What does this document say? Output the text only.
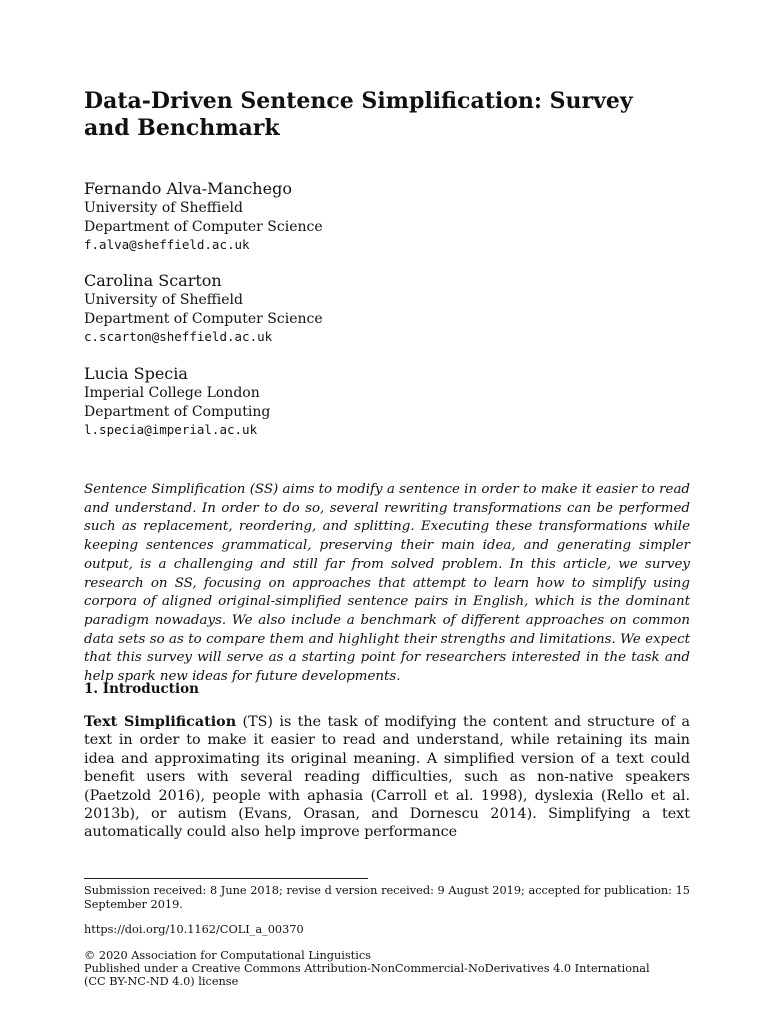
Data-Driven Sentence Simplification: Survey and Benchmark
Fernando Alva-Manchego
University of Sheffield
Department of Computer Science
f.alva@sheffield.ac.uk
Carolina Scarton
University of Sheffield
Department of Computer Science
c.scarton@sheffield.ac.uk
Lucia Specia
Imperial College London
Department of Computing
l.specia@imperial.ac.uk

Sentence Simplification (SS) aims to modify a sentence in order to make it easier to read and understand. In order to do so, several rewriting transformations can be performed such as replacement, reordering, and splitting. Executing these transformations while keeping sentences grammatical, preserving their main idea, and generating simpler output, is a challenging and still far from solved problem. In this article, we survey research on SS, focusing on approaches that attempt to learn how to simplify using corpora of aligned original-simplified sentence pairs in English, which is the dominant paradigm nowadays. We also include a benchmark of different approaches on common data sets so as to compare them and highlight their strengths and limitations. We expect that this survey will serve as a starting point for researchers interested in the task and help spark new ideas for future developments.

1. Introduction

Text Simplification (TS) is the task of modifying the content and structure of a text in order to make it easier to read and understand, while retaining its main idea and approximating its original meaning. A simplified version of a text could benefit users with several reading difficulties, such as non-native speakers (Paetzold 2016), people with aphasia (Carroll et al. 1998), dyslexia (Rello et al. 2013b), or autism (Evans, Orasan, and Dornescu 2014). Simplifying a text automatically could also help improve performance

Submission received: 8 June 2018; revise d version received: 9 August 2019; accepted for publication: 15 September 2019.

https://doi.org/10.1162/COLI_a_00370

© 2020 Association for Computational Linguistics

Published under a Creative Commons Attribution-NonCommercial-NoDerivatives 4.0 International

(CC BY-NC-ND 4.0) license
